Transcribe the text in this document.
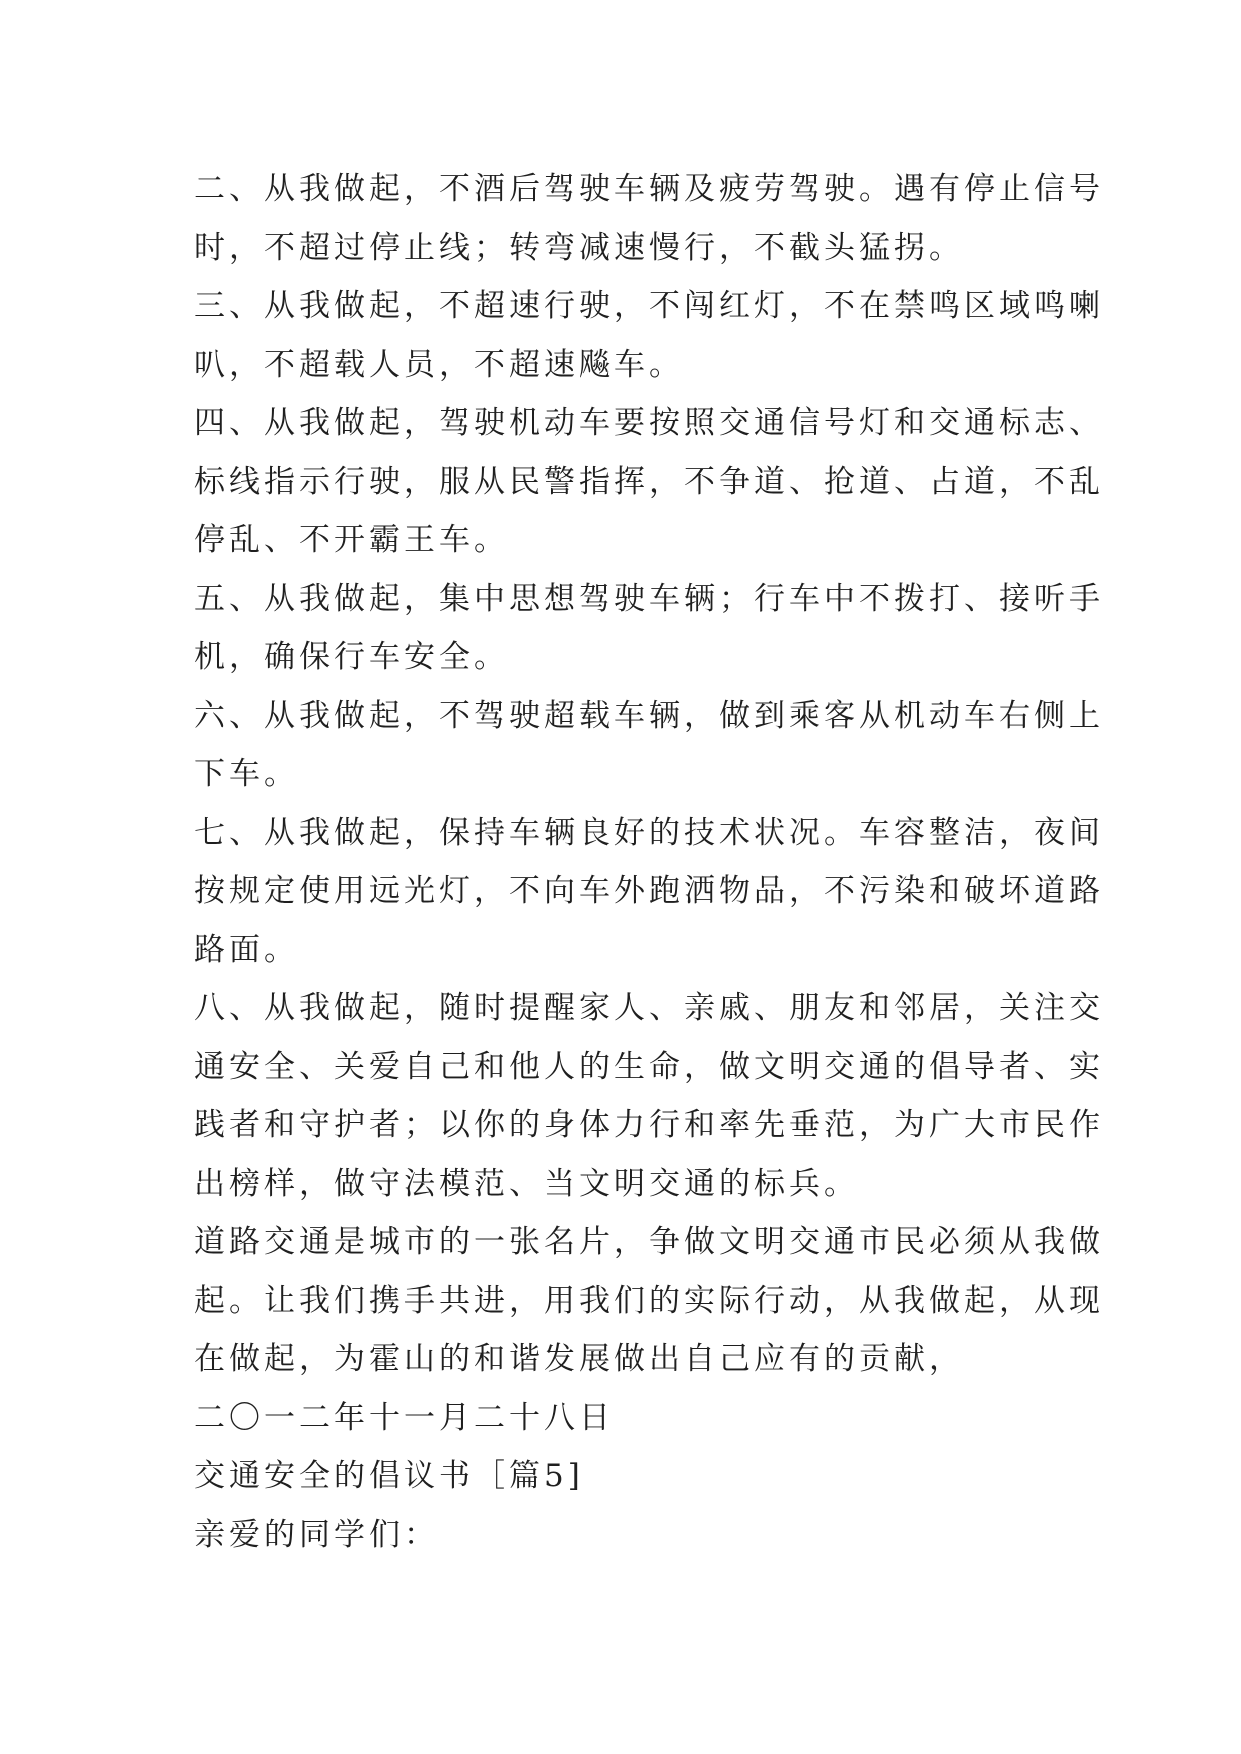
二、从我做起，不酒后驾驶车辆及疲劳驾驶。遇有停止信号
时，不超过停止线；转弯减速慢行，不截头猛拐。
三、从我做起，不超速行驶，不闯红灯，不在禁鸣区域鸣喇
叭，不超载人员，不超速飚车。
四、从我做起，驾驶机动车要按照交通信号灯和交通标志、
标线指示行驶，服从民警指挥，不争道、抢道、占道，不乱
停乱、不开霸王车。
五、从我做起，集中思想驾驶车辆；行车中不拨打、接听手
机，确保行车安全。
六、从我做起，不驾驶超载车辆，做到乘客从机动车右侧上
下车。
七、从我做起，保持车辆良好的技术状况。车容整洁，夜间
按规定使用远光灯，不向车外跑洒物品，不污染和破坏道路
路面。
八、从我做起，随时提醒家人、亲戚、朋友和邻居，关注交
通安全、关爱自己和他人的生命，做文明交通的倡导者、实
践者和守护者；以你的身体力行和率先垂范，为广大市民作
出榜样，做守法模范、当文明交通的标兵。
道路交通是城市的一张名片，争做文明交通市民必须从我做
起。让我们携手共进，用我们的实际行动，从我做起，从现
在做起，为霍山的和谐发展做出自己应有的贡献，
二〇一二年十一月二十八日
交通安全的倡议书［篇5]
亲爱的同学们：
